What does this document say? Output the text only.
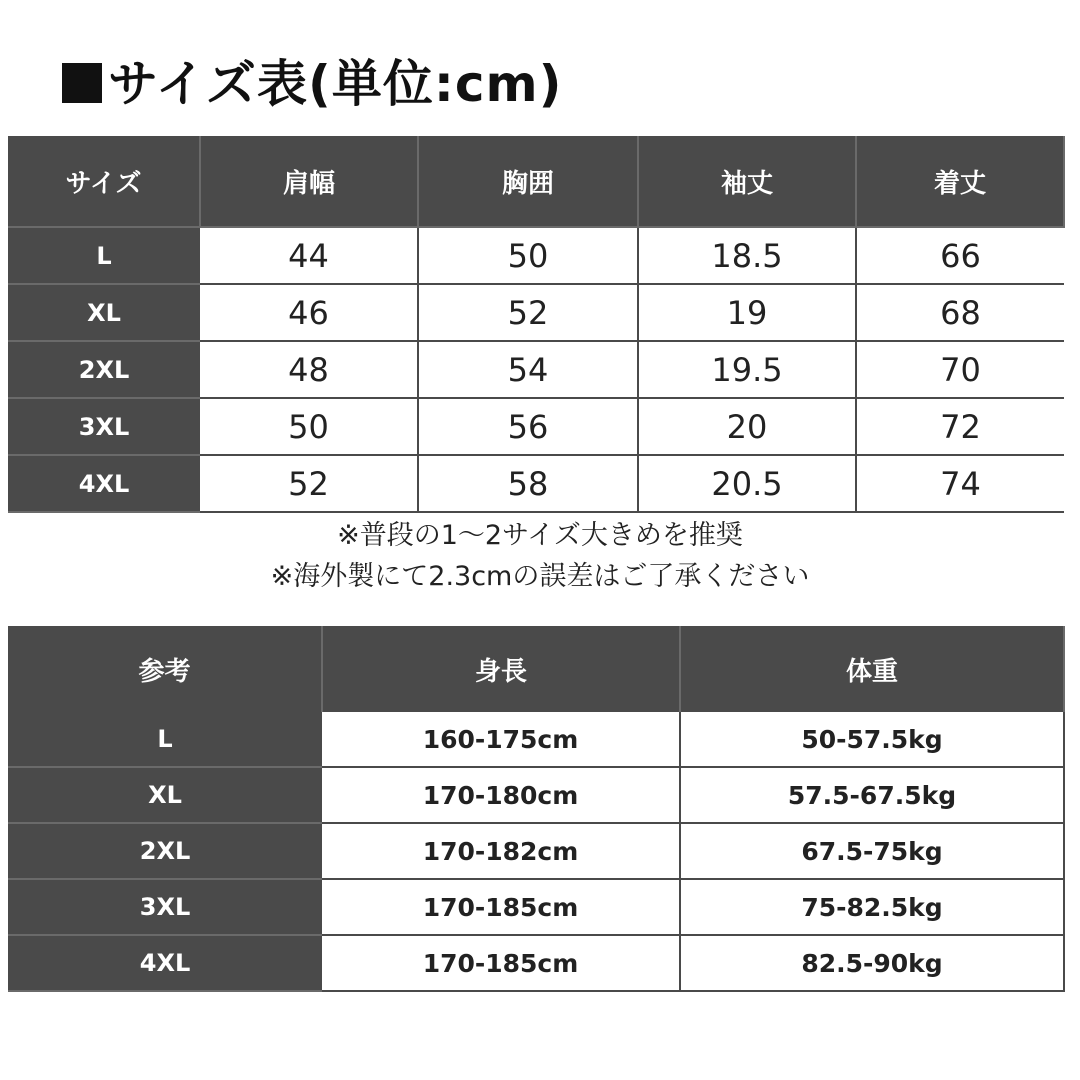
サイズ表(単位:cm)
サイズ	肩幅	胸囲	袖丈	着丈
L	44	50	18.5	66
XL	46	52	19	68
2XL	48	54	19.5	70
3XL	50	56	20	72
4XL	52	58	20.5	74
※普段の1〜2サイズ大きめを推奨
※海外製にて2.3cmの誤差はご了承ください
参考	身長	体重
L	160-175cm	50-57.5kg
XL	170-180cm	57.5-67.5kg
2XL	170-182cm	67.5-75kg
3XL	170-185cm	75-82.5kg
4XL	170-185cm	82.5-90kg
